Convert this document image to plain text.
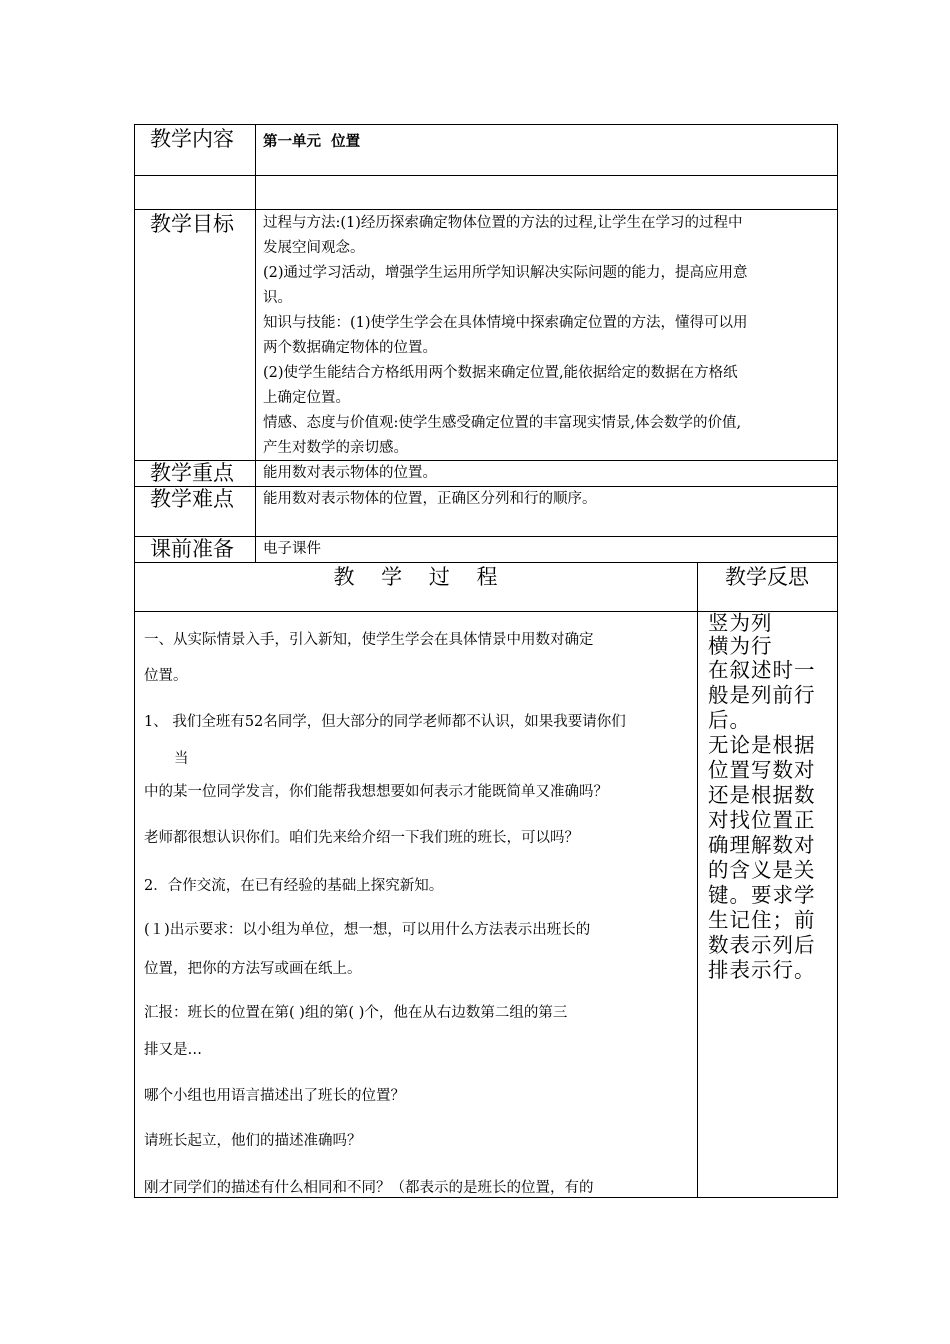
教学内容 第一单元  位置
教学目标 过程与方法:(1)经历探索确定物体位置的方法的过程,让学生在学习的过程中

发展空间观念。

(2)通过学习活动，增强学生运用所学知识解决实际问题的能力，提高应用意

识。

知识与技能：(1)使学生学会在具体情境中探索确定位置的方法，懂得可以用

两个数据确定物体的位置。

(2)使学生能结合方格纸用两个数据来确定位置,能依据给定的数据在方格纸

上确定位置。

情感、态度与价值观:使学生感受确定位置的丰富现实情景,体会数学的价值,

产生对数学的亲切感。

教学重点 能用数对表示物体的位置。
教学难点 能用数对表示物体的位置，正确区分列和行的顺序。
课前准备 电子课件
教    学    过    程	教学反思

一、从实际情景入手，引入新知，使学生学会在具体情景中用数对确定

位置。

1、 我们全班有52名同学，但大部分的同学老师都不认识，如果我要请你们

当

中的某一位同学发言，你们能帮我想想要如何表示才能既简单又准确吗？

老师都很想认识你们。咱们先来给介绍一下我们班的班长，可以吗？

2．合作交流，在已有经验的基础上探究新知。

(１)出示要求：以小组为单位，想一想，可以用什么方法表示出班长的

位置，把你的方法写或画在纸上。

汇报：班长的位置在第( )组的第( )个，他在从右边数第二组的第三

排又是…

哪个小组也用语言描述出了班长的位置？

请班长起立，他们的描述准确吗？

刚才同学们的描述有什么相同和不同？（都表示的是班长的位置，有的

竖为列
横为行
在叙述时一
般是列前行
后。
无论是根据
位置写数对
还是根据数
对找位置正
确理解数对
的含义是关
键。要求学
生记住；前
数表示列后
排表示行。
